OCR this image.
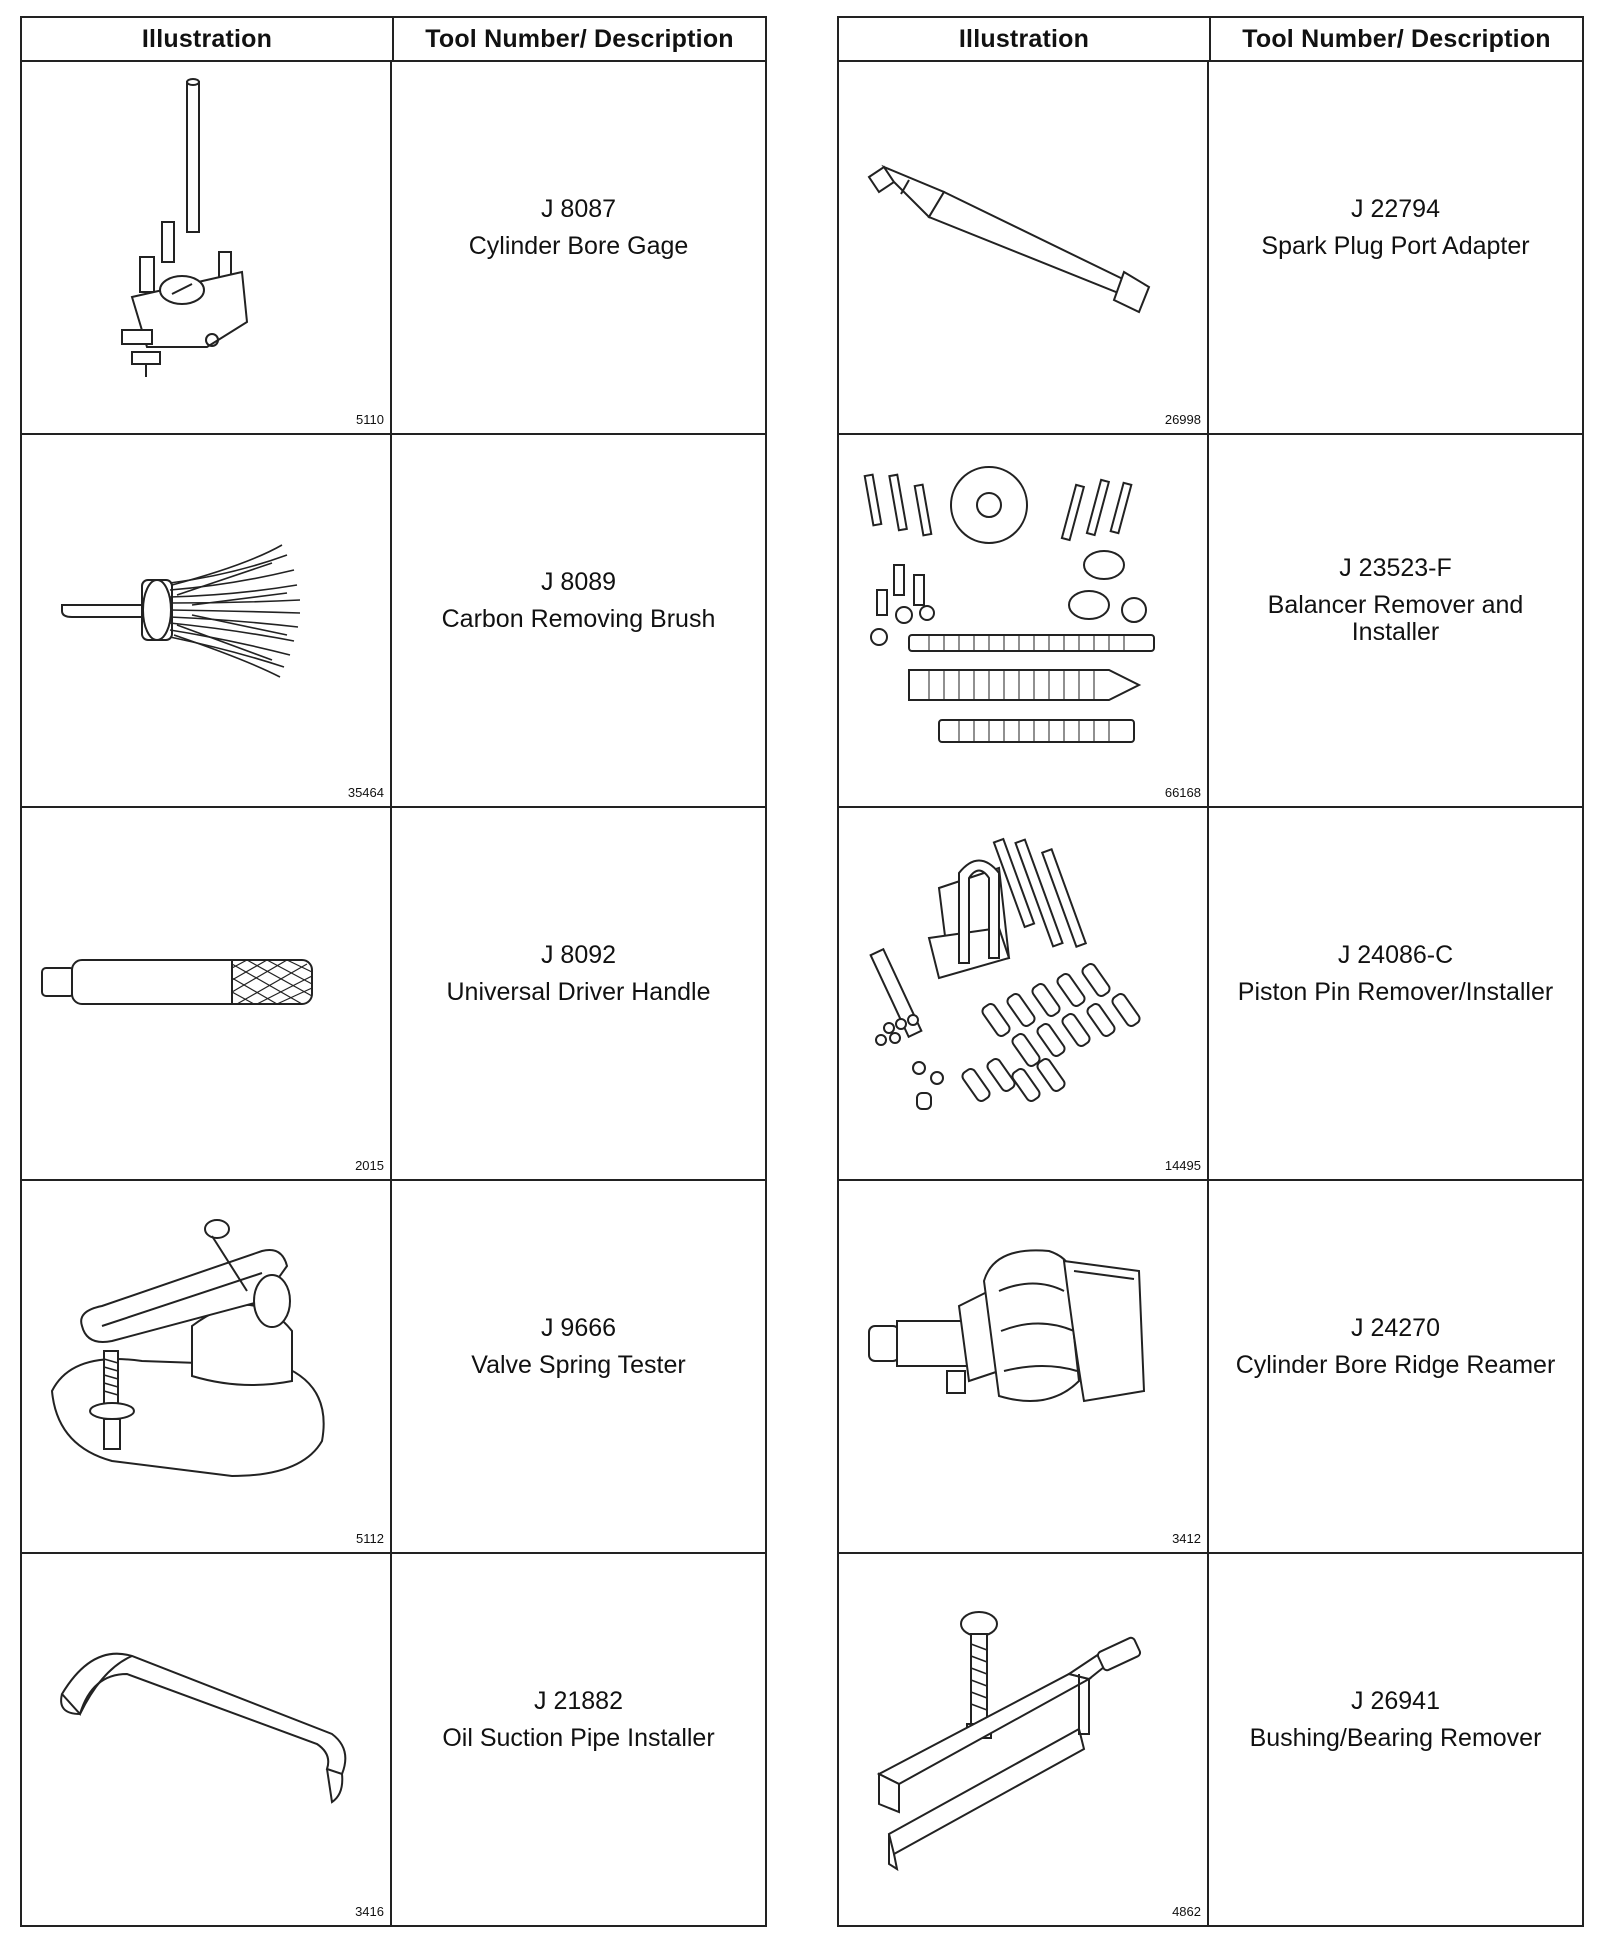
Illustration	Tool Number/ Description
5110
J 8087
Cylinder Bore Gage
35464
J 8089
Carbon Removing Brush
2015
J 8092
Universal Driver Handle
5112
J 9666
Valve Spring Tester
3416
J 21882
Oil Suction Pipe Installer
Illustration	Tool Number/ Description
26998
J 22794
Spark Plug Port Adapter
66168
J 23523-F
Balancer Remover and Installer
14495
J 24086-C
Piston Pin Remover/Installer
3412
J 24270
Cylinder Bore Ridge Reamer
4862
J 26941
Bushing/Bearing Remover
